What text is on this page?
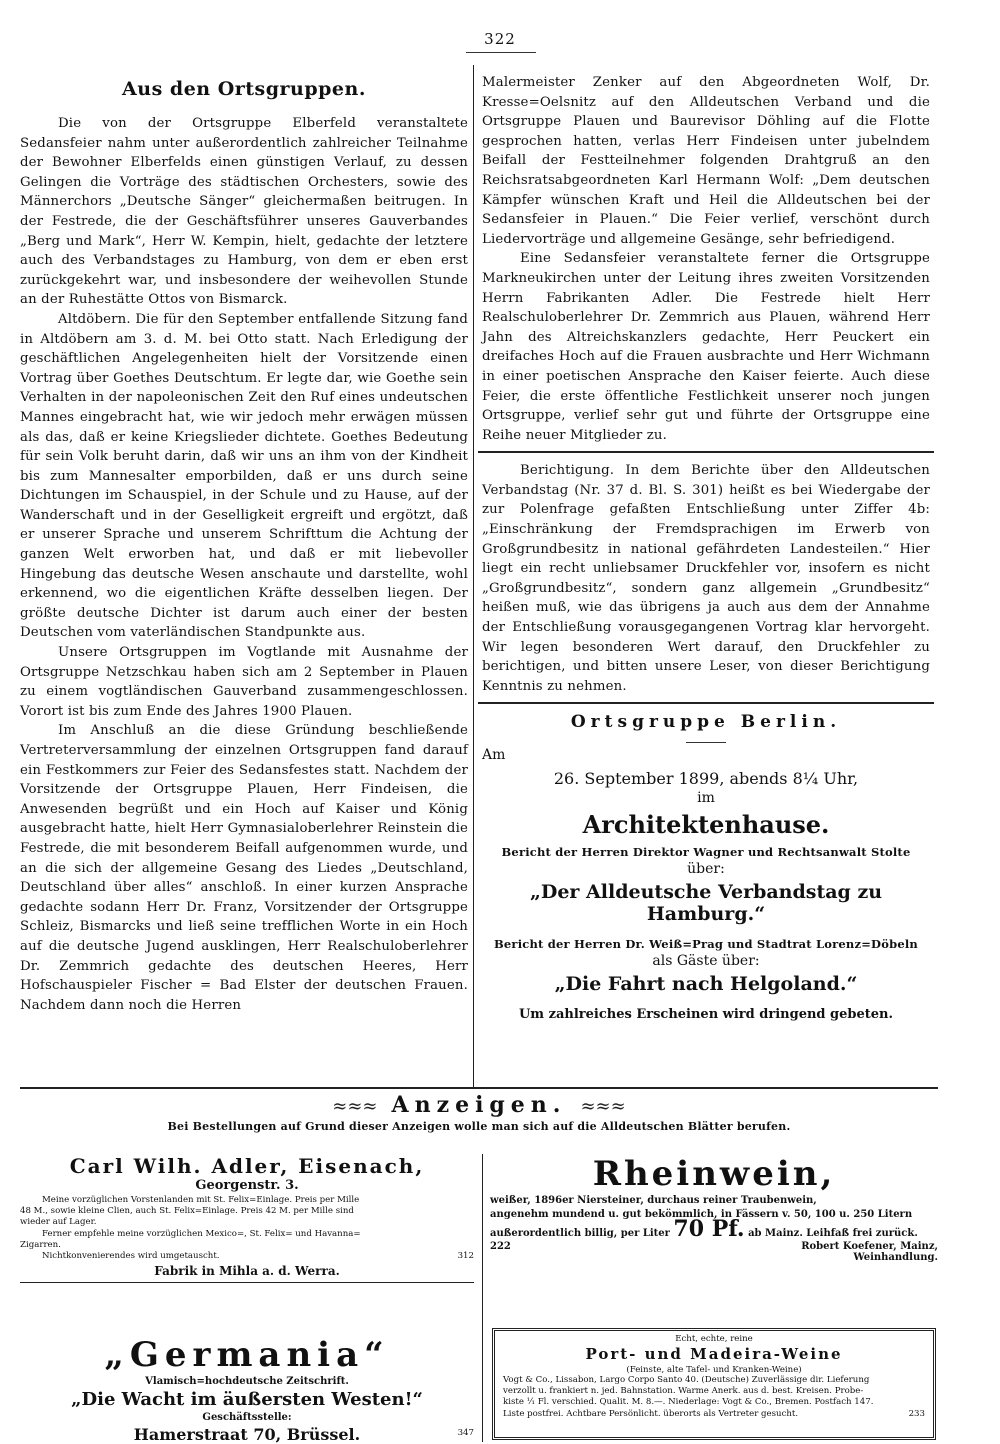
322
Aus den Ortsgruppen.

Die von der Ortsgruppe Elberfeld veranstaltete Sedansfeier nahm unter außerordentlich zahlreicher Teilnahme der Bewohner Elberfelds einen günstigen Verlauf, zu dessen Gelingen die Vorträge des städtischen Orchesters, sowie des Männerchors „Deutsche Sänger“ gleichermaßen beitrugen. In der Festrede, die der Geschäftsführer unseres Gauverbandes „Berg und Mark“, Herr W. Kempin, hielt, gedachte der letztere auch des Verbandstages zu Hamburg, von dem er eben erst zurückgekehrt war, und insbesondere der weihevollen Stunde an der Ruhestätte Ottos von Bismarck.

Altdöbern. Die für den September entfallende Sitzung fand in Altdöbern am 3. d. M. bei Otto statt. Nach Erledigung der geschäftlichen Angelegenheiten hielt der Vorsitzende einen Vortrag über Goethes Deutschtum. Er legte dar, wie Goethe sein Verhalten in der napoleonischen Zeit den Ruf eines undeutschen Mannes eingebracht hat, wie wir jedoch mehr erwägen müssen als das, daß er keine Kriegslieder dichtete. Goethes Bedeutung für sein Volk beruht darin, daß wir uns an ihm von der Kindheit bis zum Mannesalter emporbilden, daß er uns durch seine Dichtungen im Schauspiel, in der Schule und zu Hause, auf der Wanderschaft und in der Geselligkeit ergreift und ergötzt, daß er unserer Sprache und unserem Schrifttum die Achtung der ganzen Welt erworben hat, und daß er mit liebevoller Hingebung das deutsche Wesen anschaute und darstellte, wohl erkennend, wo die eigentlichen Kräfte desselben liegen. Der größte deutsche Dichter ist darum auch einer der besten Deutschen vom vaterländischen Standpunkte aus.

Unsere Ortsgruppen im Vogtlande mit Ausnahme der Ortsgruppe Netzschkau haben sich am 2 September in Plauen zu einem vogtländischen Gauverband zusammengeschlossen. Vorort ist bis zum Ende des Jahres 1900 Plauen.

Im Anschluß an die diese Gründung beschließende Vertreterversammlung der einzelnen Ortsgruppen fand darauf ein Festkommers zur Feier des Sedansfestes statt. Nachdem der Vorsitzende der Ortsgruppe Plauen, Herr Findeisen, die Anwesenden begrüßt und ein Hoch auf Kaiser und König ausgebracht hatte, hielt Herr Gymnasialoberlehrer Reinstein die Festrede, die mit besonderem Beifall aufgenommen wurde, und an die sich der allgemeine Gesang des Liedes „Deutschland, Deutschland über alles“ anschloß. In einer kurzen Ansprache gedachte sodann Herr Dr. Franz, Vorsitzender der Ortsgruppe Schleiz, Bismarcks und ließ seine trefflichen Worte in ein Hoch auf die deutsche Jugend ausklingen, Herr Realschuloberlehrer Dr. Zemmrich gedachte des deutschen Heeres, Herr Hofschauspieler Fischer = Bad Elster der deutschen Frauen. Nachdem dann noch die Herren

Malermeister Zenker auf den Abgeordneten Wolf, Dr. Kresse=Oelsnitz auf den Alldeutschen Verband und die Ortsgruppe Plauen und Baurevisor Döhling auf die Flotte gesprochen hatten, verlas Herr Findeisen unter jubelndem Beifall der Festteilnehmer folgenden Drahtgruß an den Reichsratsabgeordneten Karl Hermann Wolf: „Dem deutschen Kämpfer wünschen Kraft und Heil die Alldeutschen bei der Sedansfeier in Plauen.“ Die Feier verlief, verschönt durch Liedervorträge und allgemeine Gesänge, sehr befriedigend.

Eine Sedansfeier veranstaltete ferner die Ortsgruppe Markneukirchen unter der Leitung ihres zweiten Vorsitzenden Herrn Fabrikanten Adler. Die Festrede hielt Herr Realschuloberlehrer Dr. Zemmrich aus Plauen, während Herr Jahn des Altreichskanzlers gedachte, Herr Peuckert ein dreifaches Hoch auf die Frauen ausbrachte und Herr Wichmann in einer poetischen Ansprache den Kaiser feierte. Auch diese Feier, die erste öffentliche Festlichkeit unserer noch jungen Ortsgruppe, verlief sehr gut und führte der Ortsgruppe eine Reihe neuer Mitglieder zu.

Berichtigung. In dem Berichte über den Alldeutschen Verbandstag (Nr. 37 d. Bl. S. 301) heißt es bei Wiedergabe der zur Polenfrage gefaßten Entschließung unter Ziffer 4b: „Einschränkung der Fremdsprachigen im Erwerb von Großgrundbesitz in national gefährdeten Landesteilen.“ Hier liegt ein recht unliebsamer Druckfehler vor, insofern es nicht „Großgrundbesitz“, sondern ganz allgemein „Grundbesitz“ heißen muß, wie das übrigens ja auch aus dem der Annahme der Entschließung vorausgegangenen Vortrag klar hervorgeht. Wir legen besonderen Wert darauf, den Druckfehler zu berichtigen, und bitten unsere Leser, von dieser Berichtigung Kenntnis zu nehmen.

Ortsgruppe Berlin.
Am
26. September 1899, abends 8¼ Uhr,
im
Architektenhause.
Bericht der Herren Direktor Wagner und Rechtsanwalt Stolte
über:
„Der Alldeutsche Verbandstag zu Hamburg.“
Bericht der Herren Dr. Weiß=Prag und Stadtrat Lorenz=Döbeln
als Gäste über:
„Die Fahrt nach Helgoland.“
Um zahlreiches Erscheinen wird dringend gebeten.
≈≈≈ Anzeigen. ≈≈≈
Bei Bestellungen auf Grund dieser Anzeigen wolle man sich auf die Alldeutschen Blätter berufen.
Carl Wilh. Adler, Eisenach,
Georgenstr. 3.

Meine vorzüglichen Vorstenlanden mit St. Felix=Einlage. Preis per Mille

48 M., sowie kleine Clien, auch St. Felix=Einlage. Preis 42 M. per Mille sind

wieder auf Lager.

Ferner empfehle meine vorzüglichen Mexico=, St. Felix= und Havanna=

Zigarren.

Nichtkonvenierendes wird umgetauscht.	312

Fabrik in Mihla a. d. Werra.
„Germania“
Vlamisch=hochdeutsche Zeitschrift.
„Die Wacht im äußersten Westen!“
Geschäftsstelle:
Hamerstraat 70, Brüssel.	347
Rheinwein,

weißer, 1896er Niersteiner, durchaus reiner Traubenwein,

angenehm mundend u. gut bekömmlich, in Fässern v. 50, 100 u. 250 Litern

außerordentlich billig, per Liter 70 Pf. ab Mainz. Leihfaß frei zurück.

222	Robert Koefener, Mainz,
Weinhandlung.
Echt, echte, reine
Port- und Madeira-Weine
(Feinste, alte Tafel- und Kranken-Weine)

Vogt & Co., Lissabon, Largo Corpo Santo 40. (Deutsche) Zuverlässige dir. Lieferung

verzollt u. frankiert n. jed. Bahnstation. Warme Anerk. aus d. best. Kreisen. Probe-

kiste ⅟₁ Fl. verschied. Qualit. M. 8.—. Niederlage: Vogt & Co., Bremen. Postfach 147.

Liste postfrei. Achtbare Persönlicht. überorts als Vertreter gesucht.	233
